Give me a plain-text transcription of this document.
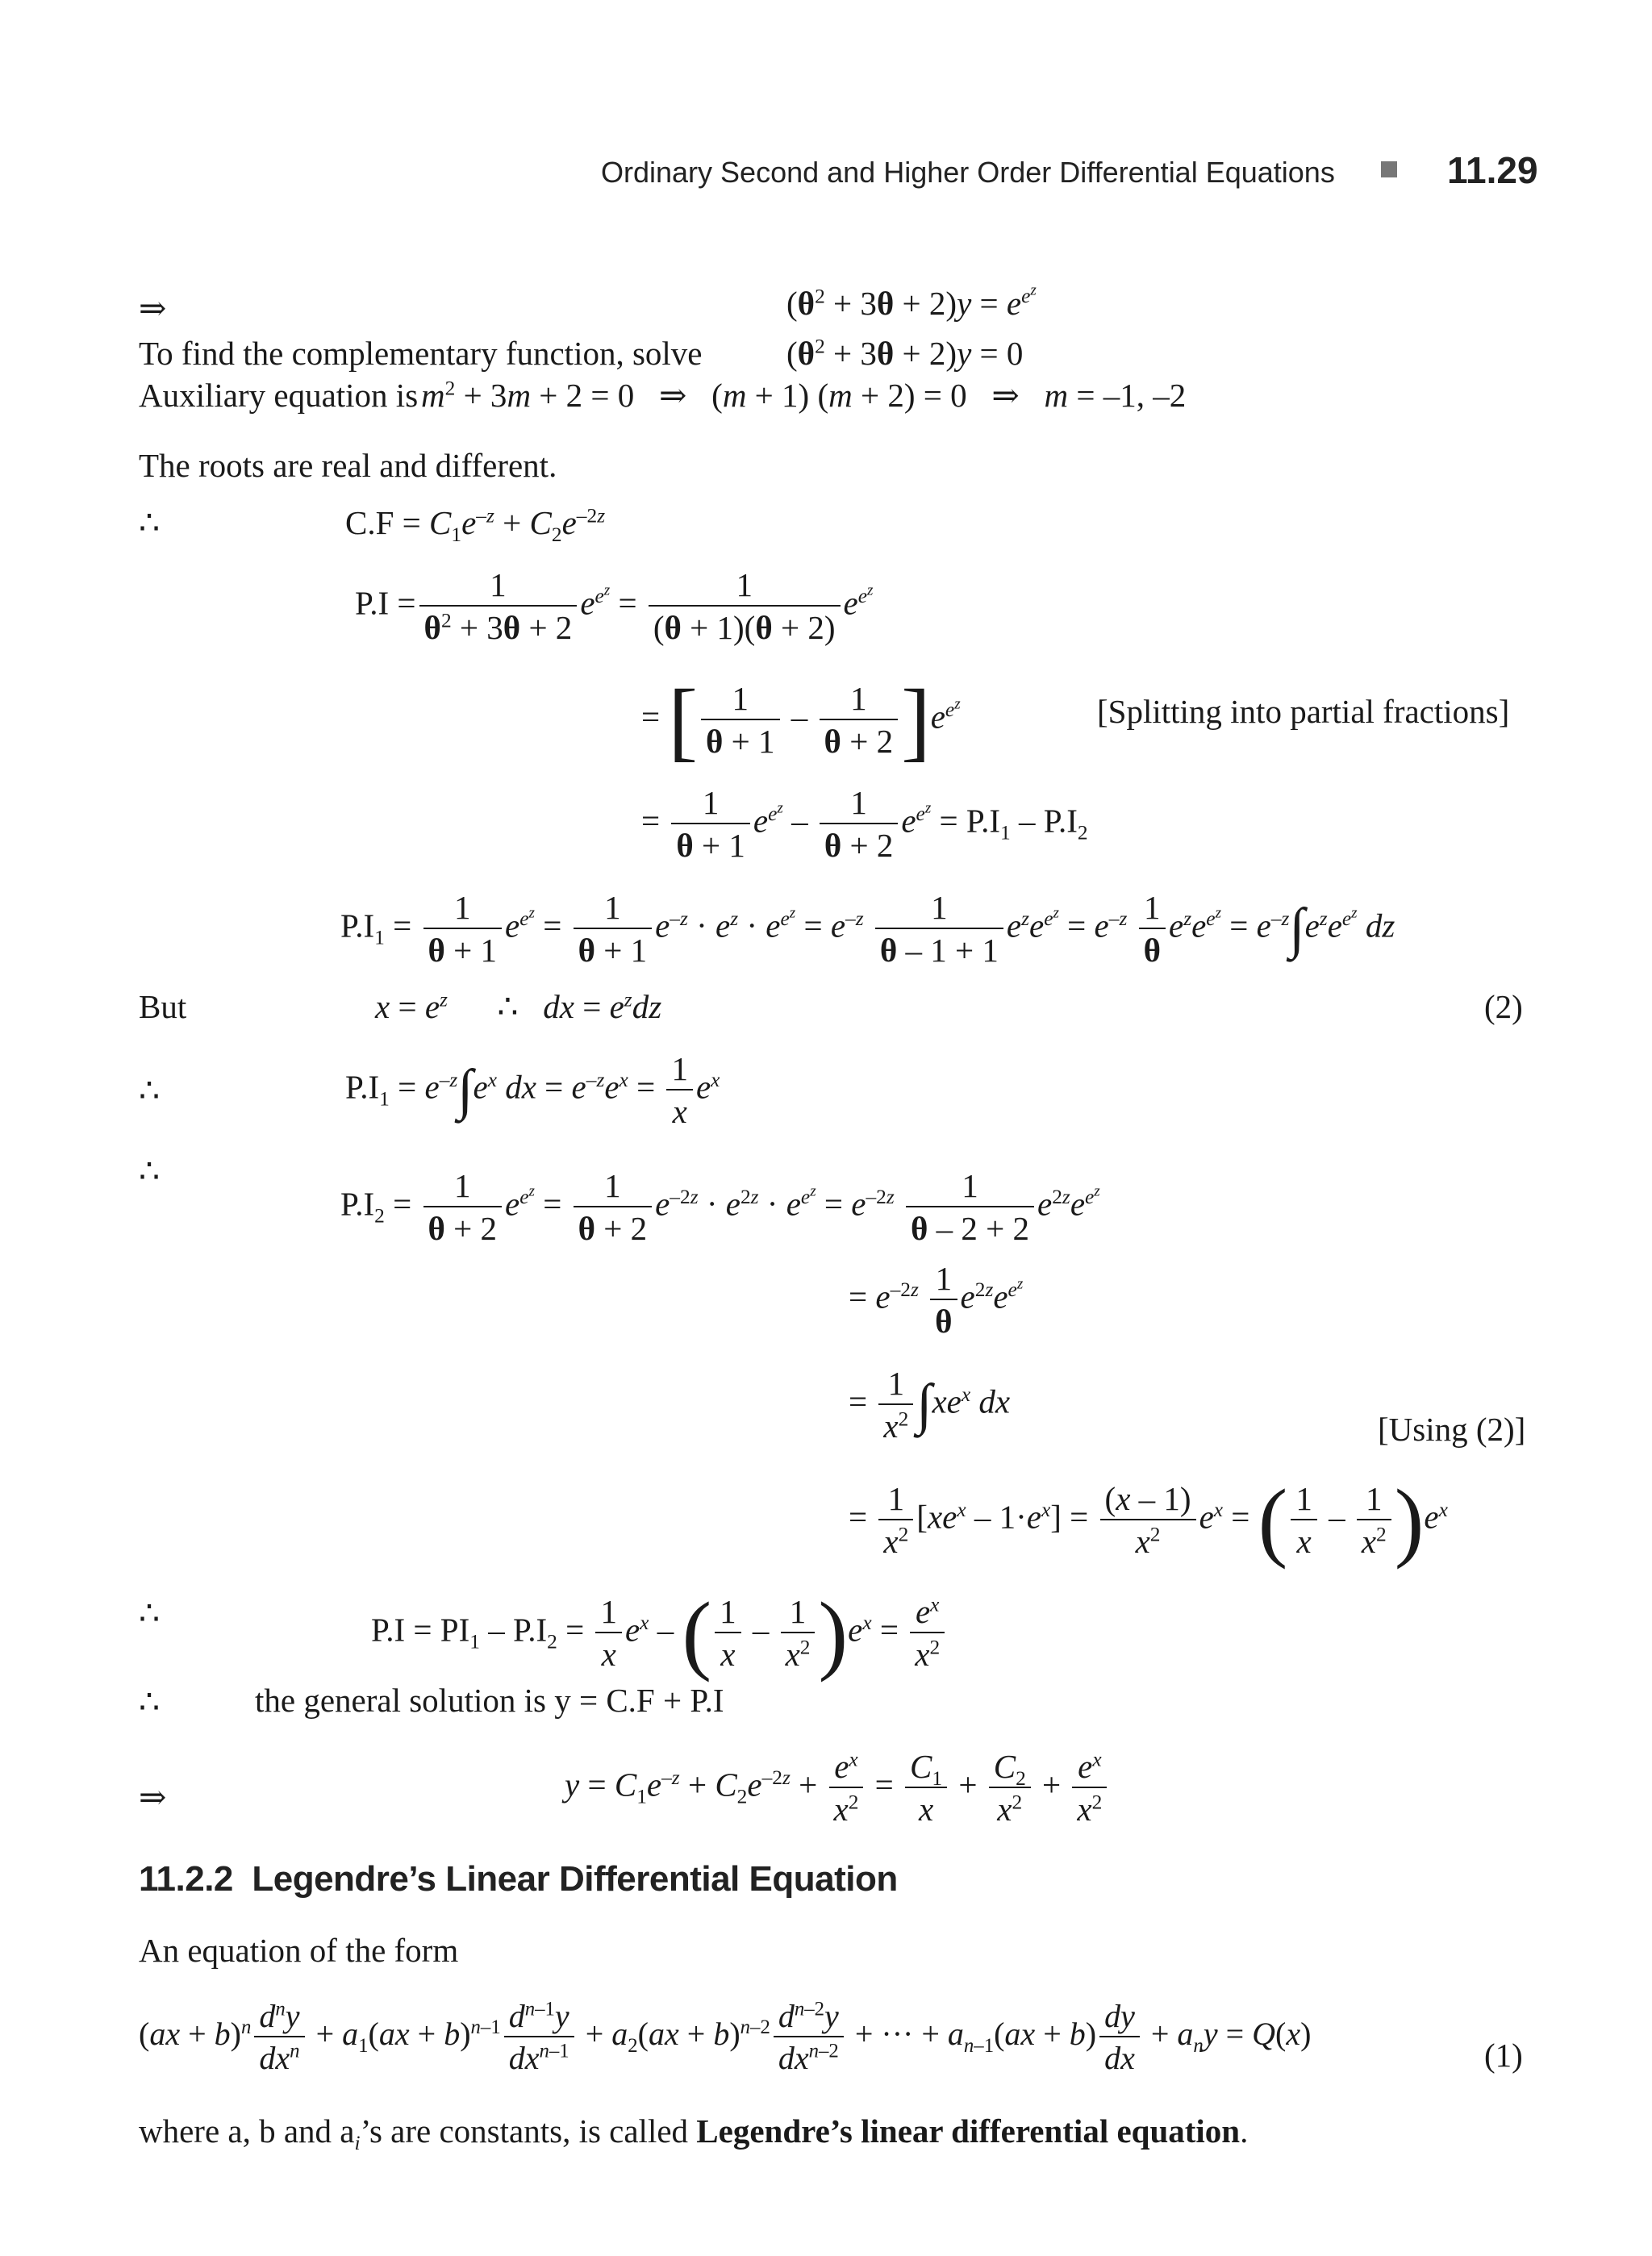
Ordinary Second and Higher Order Differential Equations	11.29
⇒	$(\theta^2 + 3\theta + 2)y = e^{e^z}$
To find the complementary function, solve	$(\theta^2 + 3\theta + 2)y = 0$
Auxiliary equation is $m^2 + 3m + 2 = 0$   ⇒   (m + 1) (m + 2) = 0   ⇒   m = –1, –2
The roots are real and different.
∴	$C.F = C_1e^{-z} + C_2e^{-2z}$
$P.I = \frac{1}{\theta^2 + 3\theta + 2} e^{e^z} = \frac{1}{(\theta + 1)(\theta + 2)} e^{e^z}$
= [ $\frac{1}{\theta + 1} - \frac{1}{\theta + 2} ]e^{e^z}$	[Splitting into partial fractions]
= $\frac{1}{\theta + 1} e^{e^z} - \frac{1}{\theta + 2} e^{e^z} = P.I_1 - P.I_2$
$P.I_1 = \frac{1}{\theta + 1} e^{e^z} = \frac{1}{\theta + 1} e^{-z} \cdot e^z \cdot e^{e^z} = e^{-z} \frac{1}{\theta - 1 + 1} e^ze^{e^z} = e^{-z} \frac{1}{\theta} e^ze^{e^z} = e^{-z}\int e^ze^{e^z}$ dz
But	$x = e^z$      ∴   dx = $e^zdz$	(2)
∴	$P.I_1 = e^{-z}\int e^x$ dx = $e^{-z}e^x = \frac{1}{x} e^x$
∴
$P.I_2 = \frac{1}{\theta + 2} e^{e^z} = \frac{1}{\theta + 2} e^{-2z} \cdot e^{2z} \cdot e^{e^z} = e^{-2z} \frac{1}{\theta - 2 + 2} e^{2z}e^{e^z}$
= $e^{-2z} \frac{1}{\theta} e^{2z}e^{e^z}$
= $\frac{1}{x^2} \int xe^x$ dx
[Using (2)]
= $\frac{1}{x^2} [xe^x - 1\cdot e^x] = \frac{(x - 1)}{x^2} e^x$ = ( $\frac{1}{x} - \frac{1}{x^2} )e^x$
∴	$P.I = PI_1 - P.I_2 = \frac{1}{x} e^x$ – ( $\frac{1}{x} - \frac{1}{x^2} )e^x = \frac{e^x}{x^2}$
∴	the general solution is y = C.F + P.I
⇒	$y = C_1e^{-z} + C_2e^{-2z} + \frac{e^x}{x^2} = \frac{C_1}{x} + \frac{C_2}{x^2} + \frac{e^x}{x^2}$
11.2.2 Legendre’s Linear Differential Equation
An equation of the form
$(ax + b)^n \frac{d^ny}{dx^n} + a_1(ax + b)^{n-1} \frac{d^{n-1}y}{dx^{n-1}} + a_2(ax + b)^{n-2} \frac{d^{n-2}y}{dx^{n-2}}$ + ··· + $a_{n-1}(ax + b) \frac{dy}{dx} + a_ny = Q(x)$
(1)
where a, b and $a_i’s$ are constants, is called Legendre’s linear differential equation.
